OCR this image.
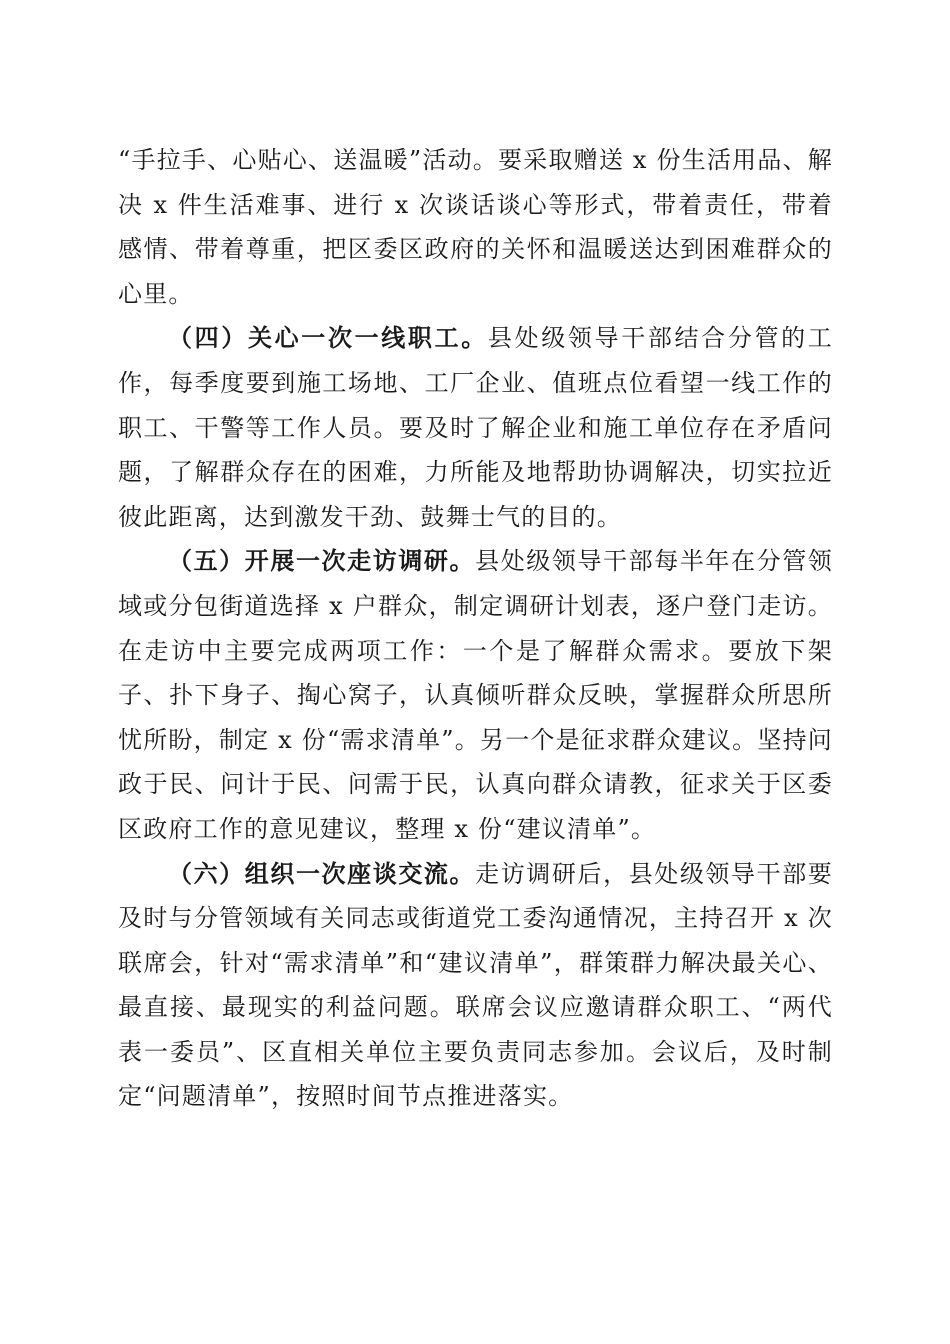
“手拉手、心贴心、送温暖”活动。要采取赠送 x 份生活用品、解决 x 件生活难事、进行 x 次谈话谈心等形式，带着责任，带着感情、带着尊重，把区委区政府的关怀和温暖送达到困难群众的心里。

（四）关心一次一线职工。县处级领导干部结合分管的工作，每季度要到施工场地、工厂企业、值班点位看望一线工作的职工、干警等工作人员。要及时了解企业和施工单位存在矛盾问题，了解群众存在的困难，力所能及地帮助协调解决，切实拉近彼此距离，达到激发干劲、鼓舞士气的目的。

（五）开展一次走访调研。县处级领导干部每半年在分管领域或分包街道选择 x 户群众，制定调研计划表，逐户登门走访。在走访中主要完成两项工作：一个是了解群众需求。要放下架子、扑下身子、掏心窝子，认真倾听群众反映，掌握群众所思所忧所盼，制定 x 份“需求清单”。另一个是征求群众建议。坚持问政于民、问计于民、问需于民，认真向群众请教，征求关于区委区政府工作的意见建议，整理 x 份“建议清单”。

（六）组织一次座谈交流。走访调研后，县处级领导干部要及时与分管领域有关同志或街道党工委沟通情况，主持召开 x 次联席会，针对“需求清单”和“建议清单”，群策群力解决最关心、最直接、最现实的利益问题。联席会议应邀请群众职工、“两代表一委员”、区直相关单位主要负责同志参加。会议后，及时制定“问题清单”，按照时间节点推进落实。
